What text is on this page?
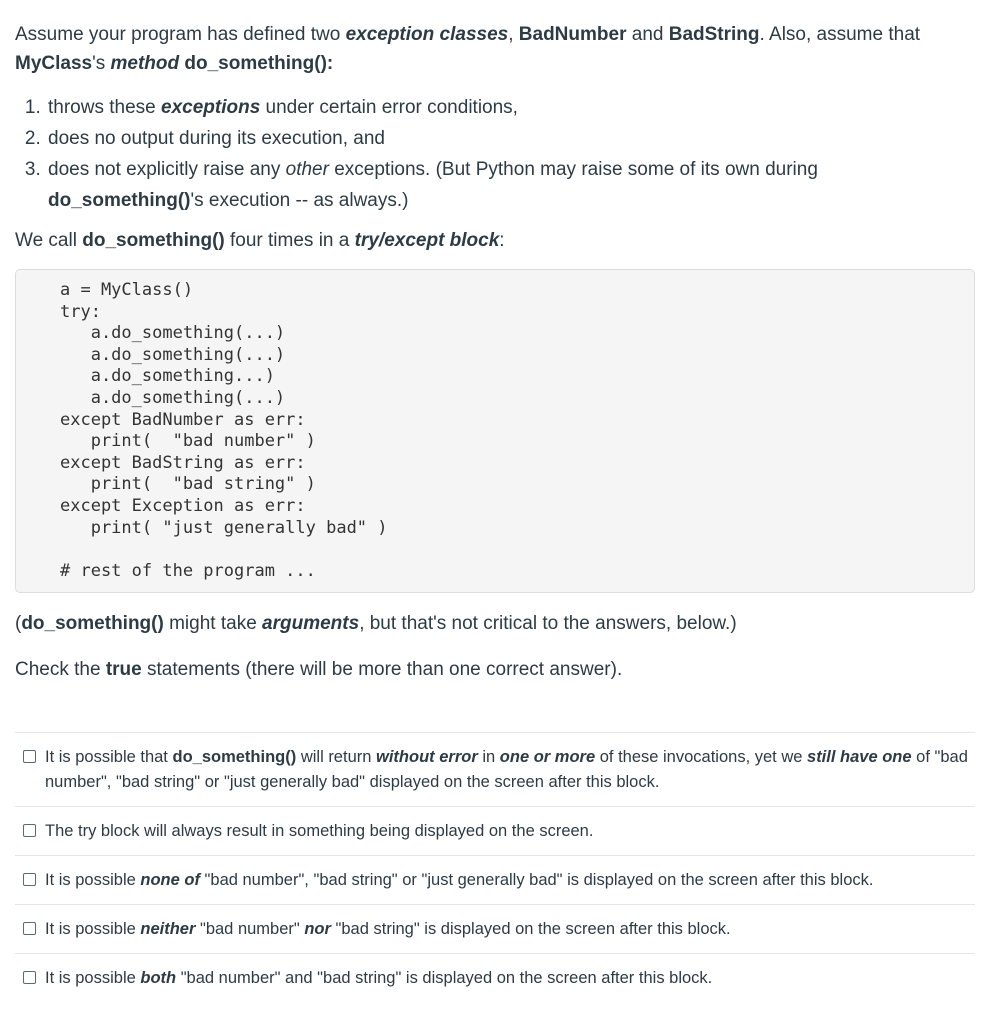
Assume your program has defined two exception classes, BadNumber and BadString. Also, assume that
MyClass's method do_something():

1. throws these exceptions under certain error conditions,
2. does no output during its execution, and
3. does not explicitly raise any other exceptions. (But Python may raise some of its own during
do_something()'s execution -- as always.)

We call do_something() four times in a try/except block:

a = MyClass()
try:
a.do_something(...)
a.do_something(...)
a.do_something...)
a.do_something(...)
except BadNumber as err:
print(  "bad number" )
except BadString as err:
print(  "bad string" )
except Exception as err:
print( "just generally bad" )
# rest of the program ...

(do_something() might take arguments, but that's not critical to the answers, below.)

Check the true statements (there will be more than one correct answer).

It is possible that do_something() will return without error in one or more of these invocations, yet we still have one of "bad number", "bad string" or "just generally bad" displayed on the screen after this block.
The try block will always result in something being displayed on the screen.
It is possible none of "bad number", "bad string" or "just generally bad" is displayed on the screen after this block.
It is possible neither "bad number" nor "bad string" is displayed on the screen after this block.
It is possible both "bad number" and "bad string" is displayed on the screen after this block.
